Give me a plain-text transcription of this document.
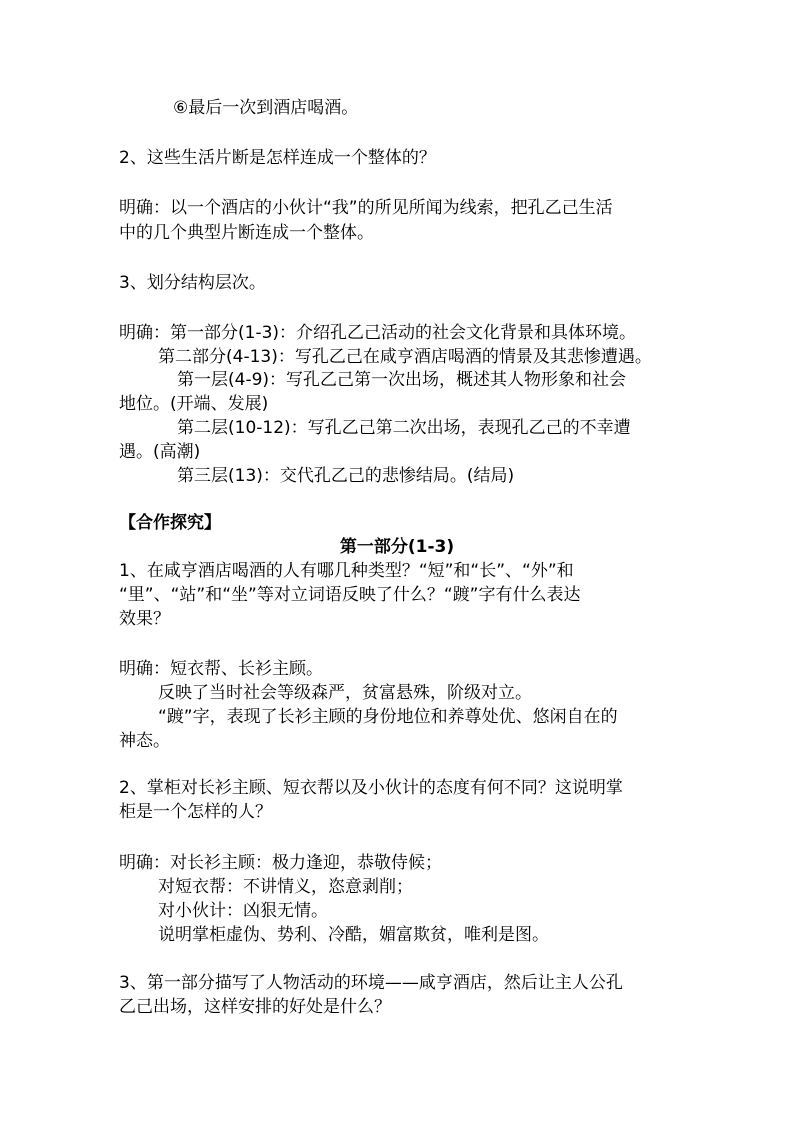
⑥最后一次到酒店喝酒。
2、这些生活片断是怎样连成一个整体的？
明确：以一个酒店的小伙计“我”的所见所闻为线索，把孔乙己生活
中的几个典型片断连成一个整体。
3、划分结构层次。
明确：第一部分(1-3)：介绍孔乙己活动的社会文化背景和具体环境。
第二部分(4-13)：写孔乙己在咸亨酒店喝酒的情景及其悲惨遭遇。
第一层(4-9)：写孔乙己第一次出场，概述其人物形象和社会
地位。(开端、发展)
第二层(10-12)：写孔乙己第二次出场，表现孔乙己的不幸遭
遇。(高潮)
第三层(13)：交代孔乙己的悲惨结局。(结局)
【合作探究】
第一部分(1-3)
1、在咸亨酒店喝酒的人有哪几种类型？“短”和“长”、“外”和
“里”、“站”和“坐”等对立词语反映了什么？“踱”字有什么表达
效果？
明确：短衣帮、长衫主顾。
反映了当时社会等级森严，贫富悬殊，阶级对立。
“踱”字，表现了长衫主顾的身份地位和养尊处优、悠闲自在的
神态。
2、掌柜对长衫主顾、短衣帮以及小伙计的态度有何不同？这说明掌
柜是一个怎样的人？
明确：对长衫主顾：极力逢迎，恭敬侍候；
对短衣帮：不讲情义，恣意剥削；
对小伙计：凶狠无情。
说明掌柜虚伪、势利、冷酷，媚富欺贫，唯利是图。
3、第一部分描写了人物活动的环境——咸亨酒店，然后让主人公孔
乙己出场，这样安排的好处是什么？
